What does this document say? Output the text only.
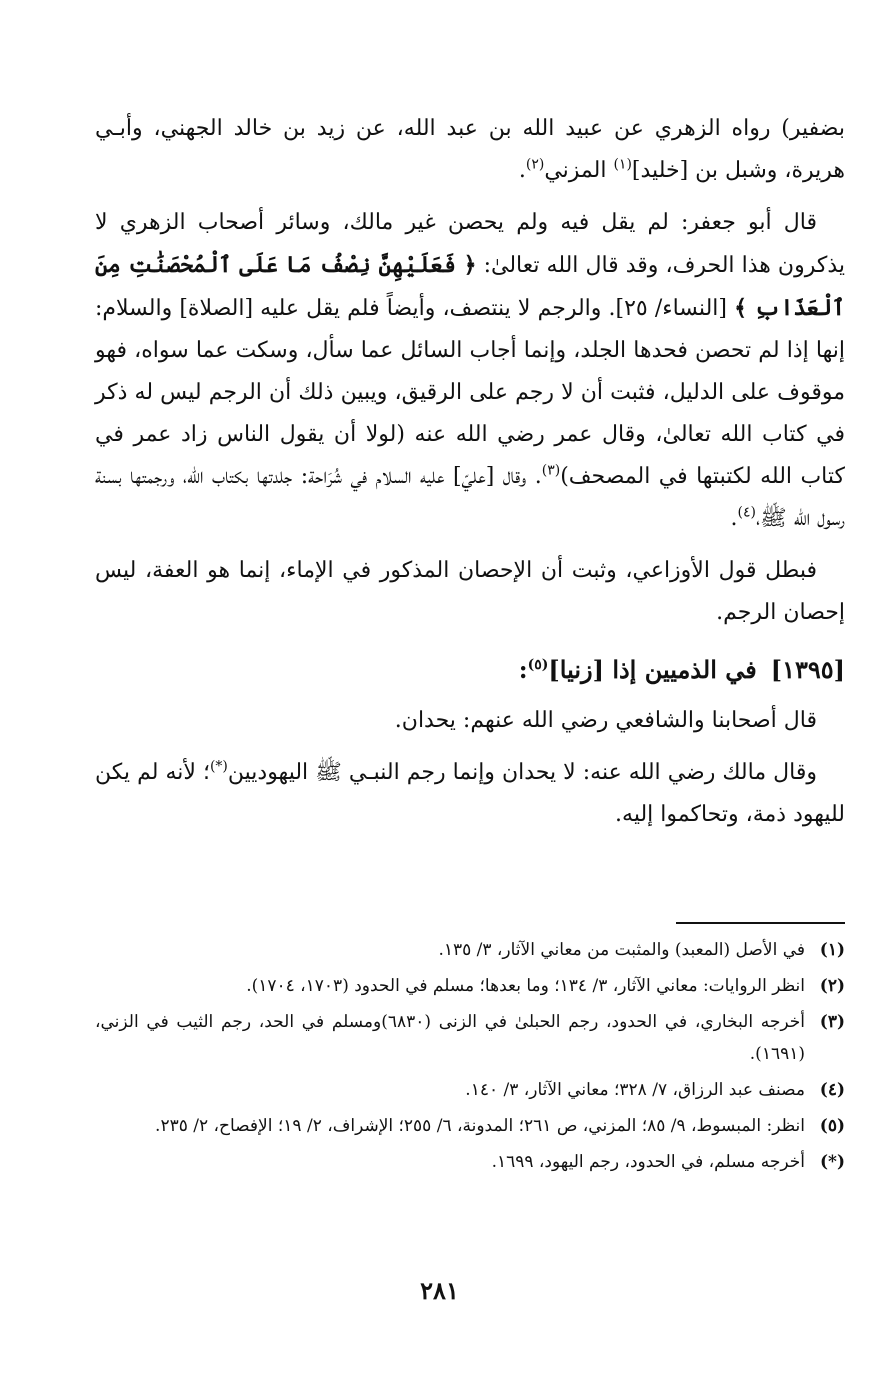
بضفير) رواه الزهري عن عبيد الله بن عبد الله، عن زيد بن خالد الجهني، وأبـي هريرة، وشبل بن [خليد]$^{(١)}$ المزني$^{(٢)}$.

قال أبو جعفر: لم يقل فيه ولم يحصن غير مالك، وسائر أصحاب الزهري لا يذكرون هذا الحرف، وقد قال الله تعالىٰ: ﴿ فَعَلَيْهِنَّ نِصْفُ مَا عَلَى ٱلْمُحْصَنَٰتِ مِنَ ٱلْعَذَابِ ﴾ [النساء/ ٢٥]. والرجم لا ينتصف، وأيضاً فلم يقل عليه [الصلاة] والسلام: إنها إذا لم تحصن فحدها الجلد، وإنما أجاب السائل عما سأل، وسكت عما سواه، فهو موقوف على الدليل، فثبت أن لا رجم على الرقيق، ويبين ذلك أن الرجم ليس له ذكر في كتاب الله تعالىٰ، وقال عمر رضي الله عنه (لولا أن يقول الناس زاد عمر في كتاب الله لكتبتها في المصحف)$^{(٣)}$. وقال [عليّ] عليه السلام في شُرَاحة: جلدتها بكتاب الله، ورجمتها بسنة رسول الله ﷺ،$^{(٤)}$.

فبطل قول الأوزاعي، وثبت أن الإحصان المذكور في الإماء، إنما هو العفة، ليس إحصان الرجم.

[١٣٩٥]في الذميين إذا [زنيا]$^{(٥)}$:

قال أصحابنا والشافعي رضي الله عنهم: يحدان.

وقال مالك رضي الله عنه: لا يحدان وإنما رجم النبـي ﷺ اليهوديين(*)؛ لأنه لم يكن لليهود ذمة، وتحاكموا إليه.

(١)
في الأصل (المعبد) والمثبت من معاني الآثار، ٣/ ١٣٥.
(٢)
انظر الروايات: معاني الآثار، ٣/ ١٣٤؛ وما بعدها؛ مسلم في الحدود (١٧٠٣، ١٧٠٤).
(٣)
أخرجه البخاري، في الحدود، رجم الحبلىٰ في الزنى (٦٨٣٠)ومسلم في الحد، رجم الثيب في الزني، (١٦٩١).
(٤)
مصنف عبد الرزاق، ٧/ ٣٢٨؛ معاني الآثار، ٣/ ١٤٠.
(٥)
انظر: المبسوط، ٩/ ٨٥؛ المزني، ص ٢٦١؛ المدونة، ٦/ ٢٥٥؛ الإشراف، ٢/ ١٩؛ الإفصاح، ٢/ ٢٣٥.
(*)
أخرجه مسلم، في الحدود، رجم اليهود، ١٦٩٩.
٢٨١
